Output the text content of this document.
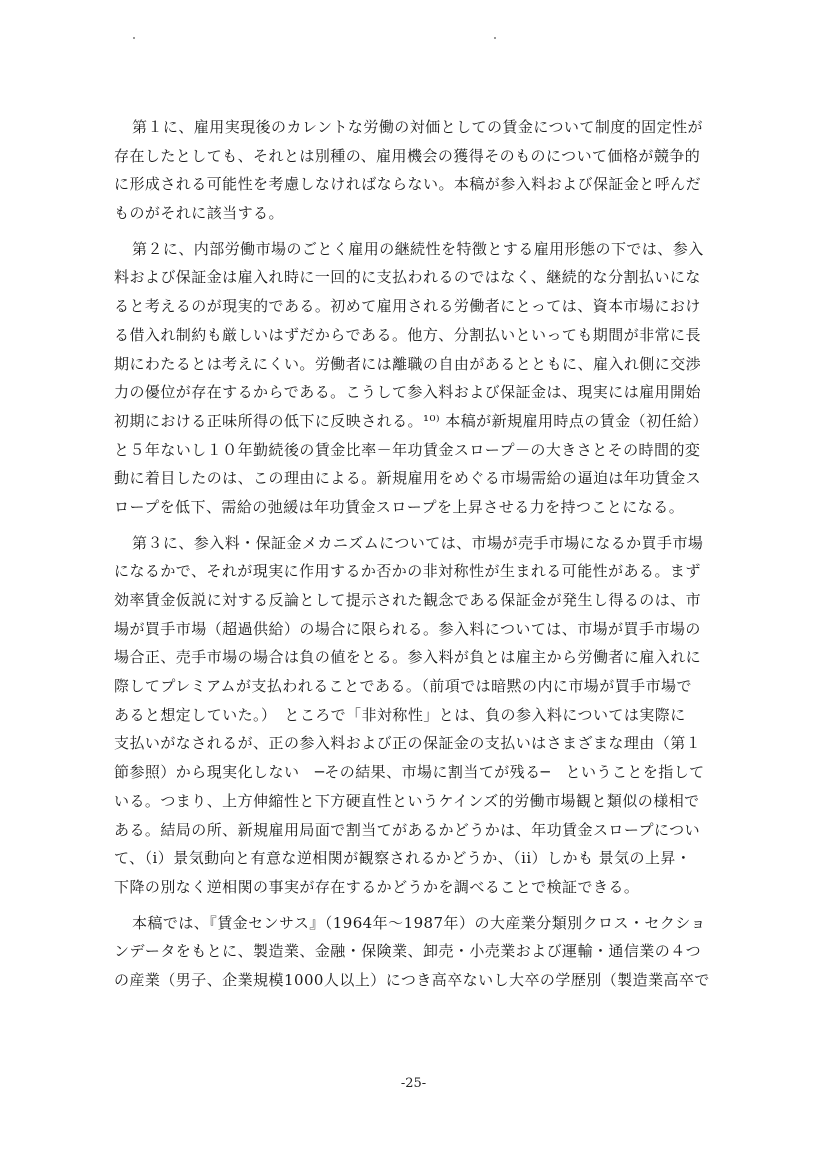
第１に、雇用実現後のカレントな労働の対価としての賃金について制度的固定性が
存在したとしても、それとは別種の、雇用機会の獲得そのものについて価格が競争的
に形成される可能性を考慮しなければならない。本稿が参入料および保証金と呼んだ
ものがそれに該当する。
第２に、内部労働市場のごとく雇用の継続性を特徴とする雇用形態の下では、参入
料および保証金は雇入れ時に一回的に支払われるのではなく、継続的な分割払いにな
ると考えるのが現実的である。初めて雇用される労働者にとっては、資本市場におけ
る借入れ制約も厳しいはずだからである。他方、分割払いといっても期間が非常に長
期にわたるとは考えにくい。労働者には離職の自由があるとともに、雇入れ側に交渉
力の優位が存在するからである。こうして参入料および保証金は、現実には雇用開始
初期における正味所得の低下に反映される。¹⁰⁾ 本稿が新規雇用時点の賃金（初任給）
と５年ないし１０年勤続後の賃金比率－年功賃金スロープ－の大きさとその時間的変
動に着目したのは、この理由による。新規雇用をめぐる市場需給の逼迫は年功賃金ス
ロープを低下、需給の弛緩は年功賃金スロープを上昇させる力を持つことになる。
第３に、参入料・保証金メカニズムについては、市場が売手市場になるか買手市場
になるかで、それが現実に作用するか否かの非対称性が生まれる可能性がある。まず
効率賃金仮説に対する反論として提示された観念である保証金が発生し得るのは、市
場が買手市場（超過供給）の場合に限られる。参入料については、市場が買手市場の
場合正、売手市場の場合は負の値をとる。参入料が負とは雇主から労働者に雇入れに
際してプレミアムが支払われることである。（前項では暗黙の内に市場が買手市場で
あると想定していた。）　ところで「非対称性」とは、負の参入料については実際に
支払いがなされるが、正の参入料および正の保証金の支払いはさまざまな理由（第１
節参照）から現実化しない　─その結果、市場に割当てが残る─　ということを指して
いる。つまり、上方伸縮性と下方硬直性というケインズ的労働市場観と類似の様相で
ある。結局の所、新規雇用局面で割当てがあるかどうかは、年功賃金スロープについ
て、（i）景気動向と有意な逆相関が観察されるかどうか、（ii）しかも 景気の上昇・
下降の別なく逆相関の事実が存在するかどうかを調べることで検証できる。
本稿では、『賃金センサス』（1964年～1987年）の大産業分類別クロス・セクショ
ンデータをもとに、製造業、金融・保険業、卸売・小売業および運輸・通信業の４つ
の産業（男子、企業規模1000人以上）につき高卒ないし大卒の学歴別（製造業高卒で
-25-
